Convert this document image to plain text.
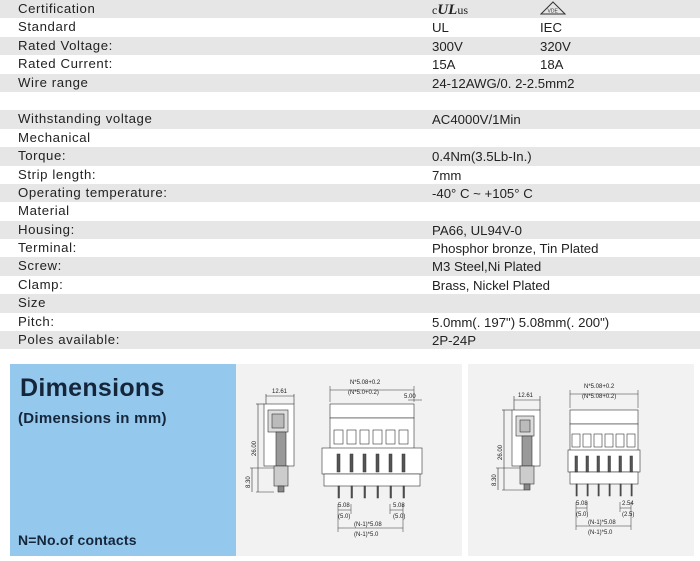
Certification	cULus	VDE
Standard	UL	IEC
Rated Voltage:	300V	320V
Rated Current:	15A	18A
Wire range	24-12AWG/0. 2-2.5mm2
Withstanding voltage	AC4000V/1Min
Mechanical
Torque:	0.4Nm(3.5Lb-In.)
Strip length:	7mm
Operating temperature:	-40° C ~ +105° C
Material
Housing:	PA66, UL94V-0
Terminal:	Phosphor bronze, Tin Plated
Screw:	M3 Steel,Ni Plated
Clamp:	Brass, Nickel Plated
Size
Pitch:	5.0mm(. 197") 5.08mm(. 200")
Poles available:	2P-24P
Dimensions
(Dimensions in mm)
N=No.of contacts
N*5.08+0.2
(N*5.0+0.2)
12.61
5.00
26.00
8.30
5.08
(5.0)
5.08
(5.0)
(N-1)*5.08
(N-1)*5.0
N*5.08+0.2
(N*5.08+0.2)
12.61
26.00
8.30
5.08
(5.0)
2.54
(2.5)
(N-1)*5.08
(N-1)*5.0
